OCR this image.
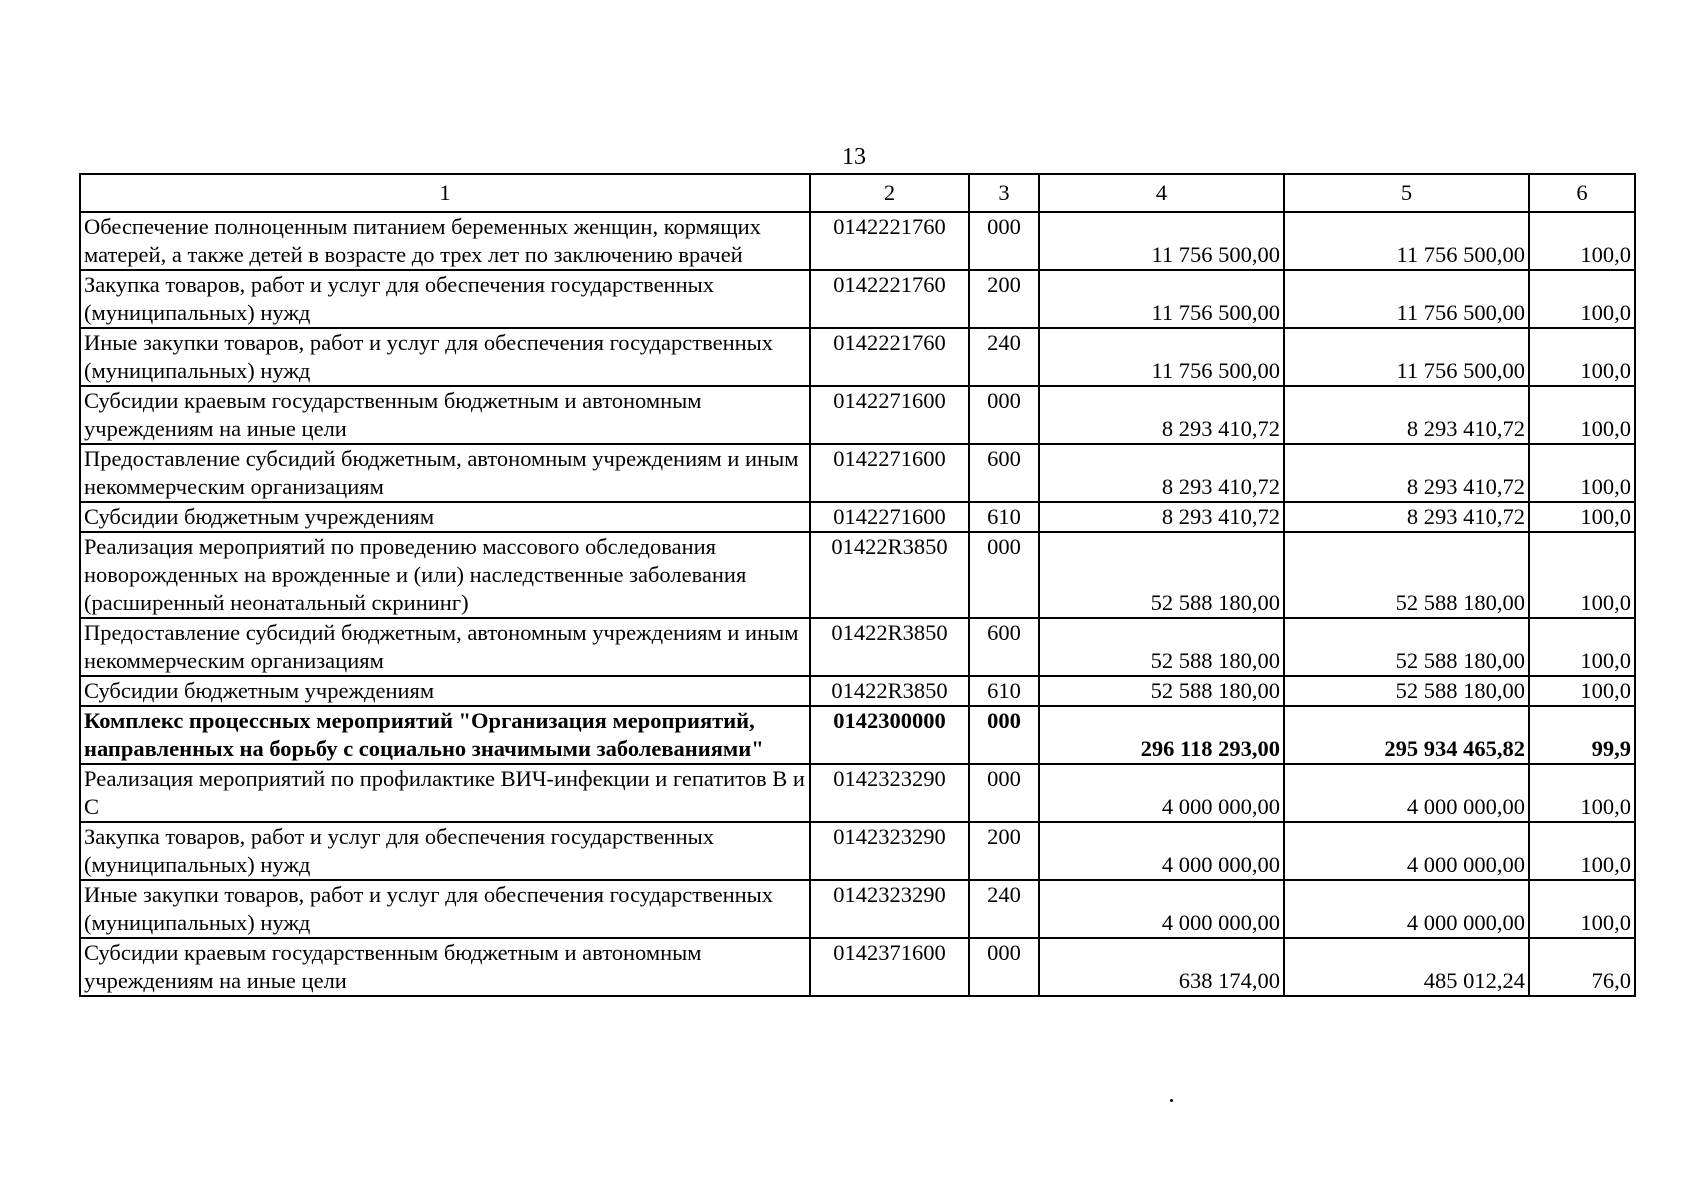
13
1	2	3	4	5	6
Обеспечение полноценным питанием беременных женщин, кормящих матерей, а также детей в возрасте до трех лет по заключению врачей	0142221760	000	11 756 500,00	11 756 500,00	100,0
Закупка товаров, работ и услуг для обеспечения государственных (муниципальных) нужд	0142221760	200	11 756 500,00	11 756 500,00	100,0
Иные закупки товаров, работ и услуг для обеспечения государственных (муниципальных) нужд	0142221760	240	11 756 500,00	11 756 500,00	100,0
Субсидии краевым государственным бюджетным и автономным учреждениям на иные цели	0142271600	000	8 293 410,72	8 293 410,72	100,0
Предоставление субсидий бюджетным, автономным учреждениям и иным некоммерческим организациям	0142271600	600	8 293 410,72	8 293 410,72	100,0
Субсидии бюджетным учреждениям	0142271600	610	8 293 410,72	8 293 410,72	100,0
Реализация мероприятий по проведению массового обследования новорожденных на врожденные и (или) наследственные заболевания (расширенный неонатальный скрининг)	01422R3850	000	52 588 180,00	52 588 180,00	100,0
Предоставление субсидий бюджетным, автономным учреждениям и иным некоммерческим организациям	01422R3850	600	52 588 180,00	52 588 180,00	100,0
Субсидии бюджетным учреждениям	01422R3850	610	52 588 180,00	52 588 180,00	100,0
Комплекс процессных мероприятий "Организация мероприятий, направленных на борьбу с социально значимыми заболеваниями"	0142300000	000	296 118 293,00	295 934 465,82	99,9
Реализация мероприятий по профилактике ВИЧ-инфекции и гепатитов В и С	0142323290	000	4 000 000,00	4 000 000,00	100,0
Закупка товаров, работ и услуг для обеспечения государственных (муниципальных) нужд	0142323290	200	4 000 000,00	4 000 000,00	100,0
Иные закупки товаров, работ и услуг для обеспечения государственных (муниципальных) нужд	0142323290	240	4 000 000,00	4 000 000,00	100,0
Субсидии краевым государственным бюджетным и автономным учреждениям на иные цели	0142371600	000	638 174,00	485 012,24	76,0
